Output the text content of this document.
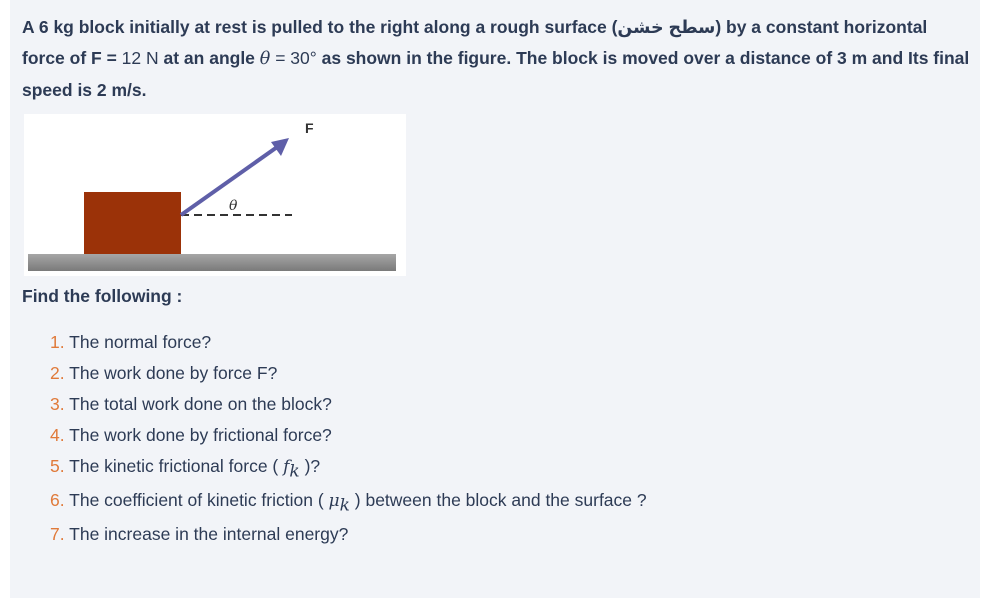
A 6 kg block initially at rest is pulled to the right along a rough surface (سطح خشن) by a constant horizontal force of F = 12 N at an angle θ = 30° as shown in the figure. The block is moved over a distance of 3 m and Its final speed is 2 m/s.
F
θ
Find the following :
1. The normal force?
2. The work done by force F?
3. The total work done on the block?
4. The work done by frictional force?
5. The kinetic frictional force ( $f_k$ )?
6. The coefficient of kinetic friction ( $\mu_k$ ) between the block and the surface ?
7. The increase in the internal energy?
